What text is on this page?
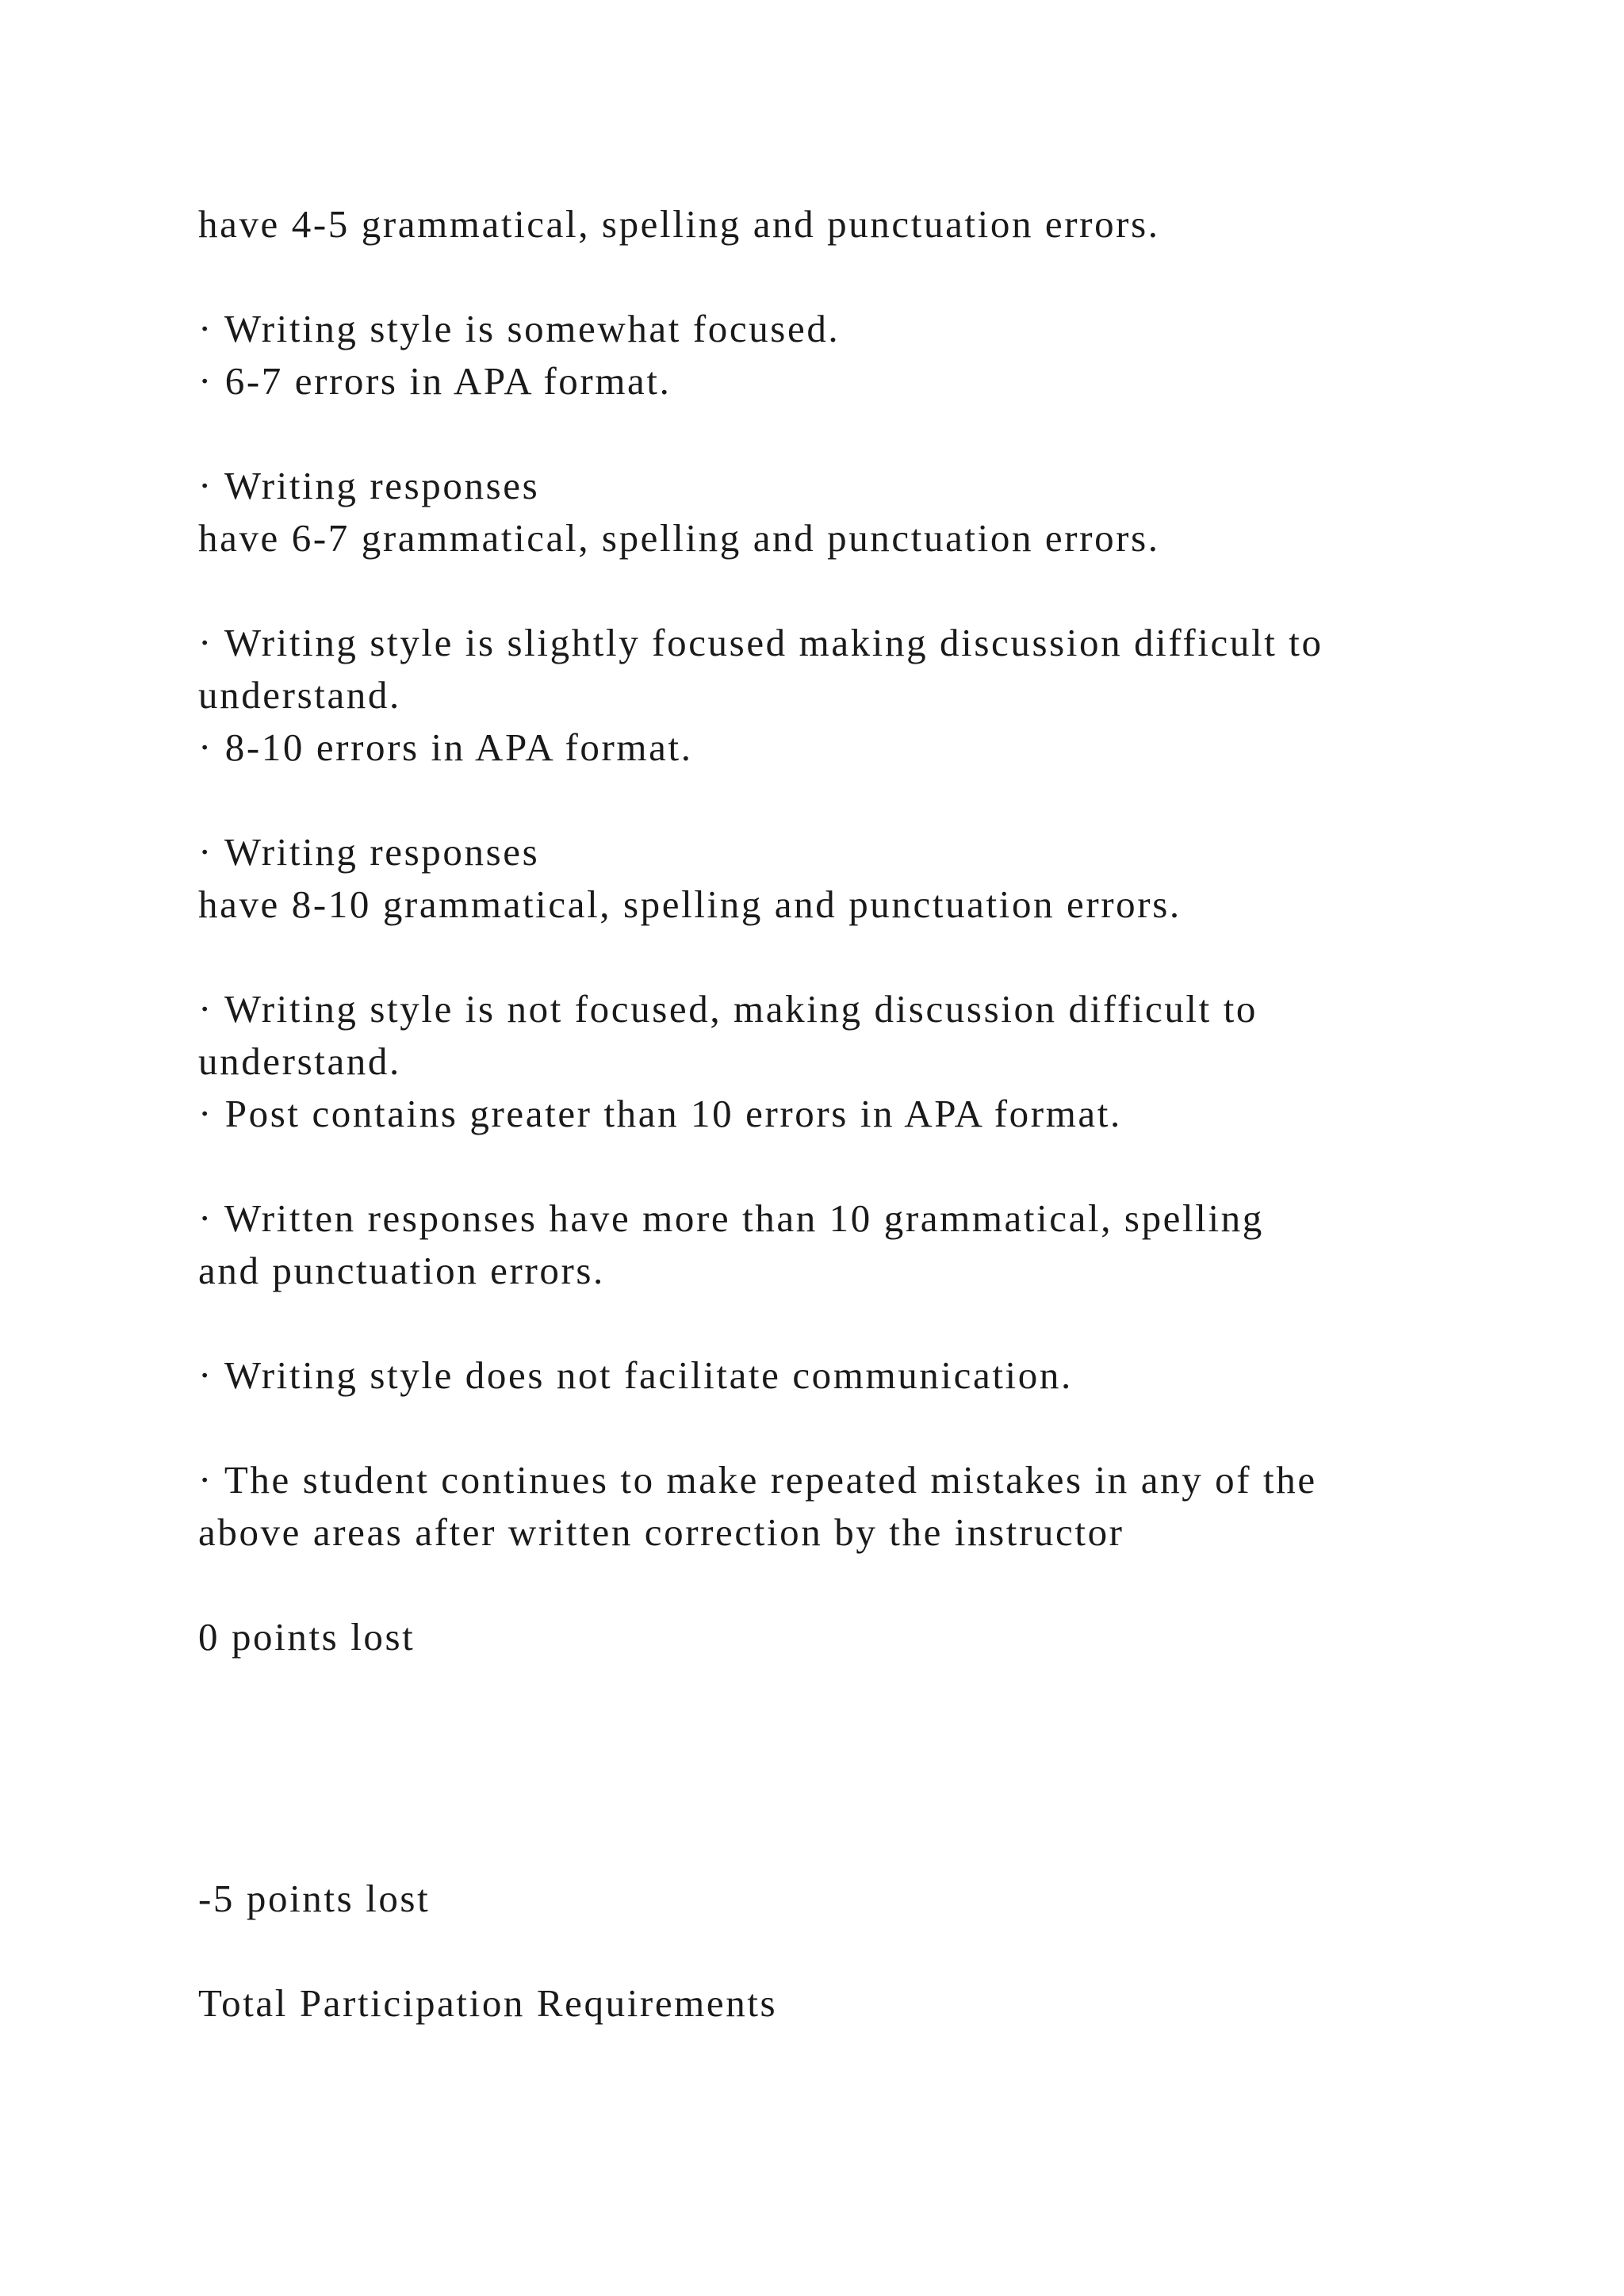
have 4-5 grammatical, spelling and punctuation errors.

· Writing style is somewhat focused.

· 6-7 errors in APA format.

· Writing responses

have 6-7 grammatical, spelling and punctuation errors.

· Writing style is slightly focused making discussion difficult to

understand.

· 8-10 errors in APA format.

· Writing responses

have 8-10 grammatical, spelling and punctuation errors.

· Writing style is not focused, making discussion difficult to

understand.

· Post contains greater than 10 errors in APA format.

· Written responses have more than 10 grammatical, spelling

and punctuation errors.

· Writing style does not facilitate communication.

· The student continues to make repeated mistakes in any of the

above areas after written correction by the instructor

0 points lost

-5 points lost

Total Participation Requirements
